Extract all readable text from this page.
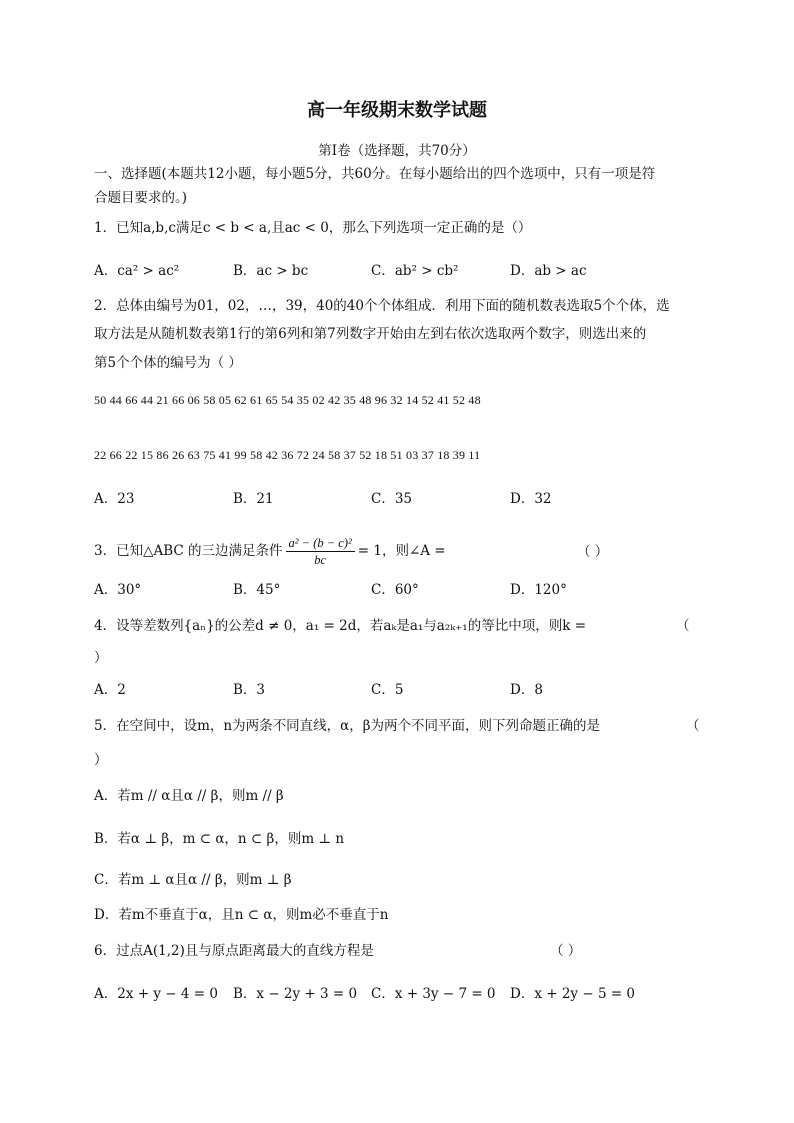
高一年级期末数学试题
第Ⅰ卷（选择题，共70分）
一、选择题(本题共12小题，每小题5分，共60分。在每小题给出的四个选项中，只有一项是符
合题目要求的。)
1．已知a,b,c满足c < b < a,且ac < 0，那么下列选项一定正确的是（）
A．ca² > ac²	B．ac > bc	C．ab² > cb²	D．ab > ac
2．总体由编号为01，02，…，39，40的40个个体组成．利用下面的随机数表选取5个个体，选
取方法是从随机数表第1行的第6列和第7列数字开始由左到右依次选取两个数字，则选出来的
第5个个体的编号为（ ）
50 44 66 44 21 66 06 58 05 62 61 65 54 35 02 42 35 48 96 32 14 52 41 52 48
22 66 22 15 86 26 63 75 41 99 58 42 36 72 24 58 37 52 18 51 03 37 18 39 11
A．23	B．21	C．35	D．32
3．已知△ABC 的三边满足条件 $\frac{\text{a² − (b − c)²}}{bc} = 1$，则∠A =	（ ）
A．30°	B．45°	C．60°	D．120°
4．设等差数列{aₙ}的公差d ≠ 0，a₁ = 2d，若aₖ是a₁与a₂ₖ₊₁的等比中项，则k =	（
）
A．2	B．3	C．5	D．8
5．在空间中，设m，n为两条不同直线，α，β为两个不同平面，则下列命题正确的是	（
）
A．若m // α且α // β，则m // β
B．若α ⊥ β，m ⊂ α，n ⊂ β，则m ⊥ n
C．若m ⊥ α且α // β，则m ⊥ β
D．若m不垂直于α，且n ⊂ α，则m必不垂直于n
6．过点A(1,2)且与原点距离最大的直线方程是	（ ）
A．2x + y − 4 = 0 B．x − 2y + 3 = 0 C．x + 3y − 7 = 0 D．x + 2y − 5 = 0
